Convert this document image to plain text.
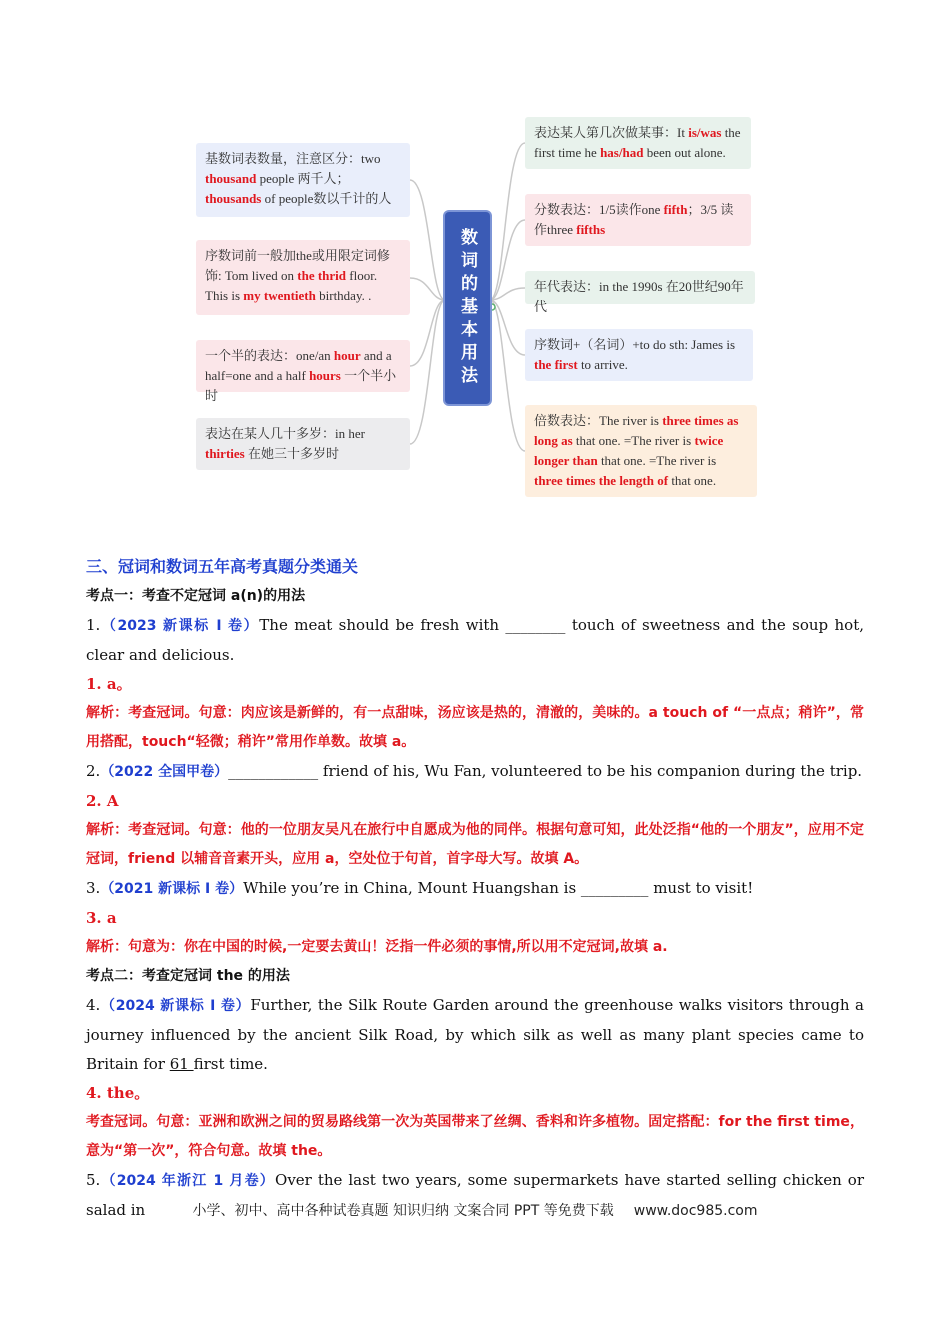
基数词表数量，注意区分：two thousand people 两千人；thousands of people数以千计的人
序数词前一般加the或用限定词修饰: Tom lived on the thrid floor. This is my twentieth birthday. .
一个半的表达：one/an hour and a half=one and a half hours 一个半小时
表达在某人几十多岁：in her thirties 在她三十多岁时
数词的基本用法
表达某人第几次做某事：It is/was the first time he has/had been out alone.
分数表达：1/5读作one fifth；3/5 读作three fifths
年代表达：in the 1990s 在20世纪90年代
序数词+（名词）+to do sth: James is the first to arrive.
倍数表达：The river is three times as long as that one. =The river is twice longer than that one. =The river is three times the length of that one.
三、冠词和数词五年高考真题分类通关
考点一：考查不定冠词 a(n)的用法
1.（2023 新课标 I 卷）The meat should be fresh with ________ touch of sweetness and the soup hot, clear and delicious.
1. a。
解析：考查冠词。句意：肉应该是新鲜的，有一点甜味，汤应该是热的，清澈的，美味的。a touch of “一点点；稍许”，常用搭配，touch“轻微；稍许”常用作单数。故填 a。
2.（2022 全国甲卷）____________ friend of his, Wu Fan, volunteered to be his companion during the trip.
2. A
解析：考查冠词。句意：他的一位朋友吴凡在旅行中自愿成为他的同伴。根据句意可知，此处泛指“他的一个朋友”，应用不定冠词，friend 以辅音音素开头，应用 a，空处位于句首，首字母大写。故填 A。
3.（2021 新课标 I 卷）While you’re in China, Mount Huangshan is _________ must to visit!
3. a
解析：句意为：你在中国的时候,一定要去黄山！泛指一件必须的事情,所以用不定冠词,故填 a.
考点二：考查定冠词 the 的用法
4.（2024 新课标 I 卷）Further, the Silk Route Garden around the greenhouse walks visitors through a journey influenced by the ancient Silk Road, by which silk as well as many plant species came to Britain for 61 first time.
4. the。
考查冠词。句意：亚洲和欧洲之间的贸易路线第一次为英国带来了丝绸、香料和许多植物。固定搭配：for the first time，意为“第一次”，符合句意。故填 the。
5.（2024 年浙江 1 月卷）Over the last two years, some supermarkets have started selling chicken or salad in	小学、初中、高中各种试卷真题 知识归纳 文案合同 PPT 等免费下载 www.doc985.com
